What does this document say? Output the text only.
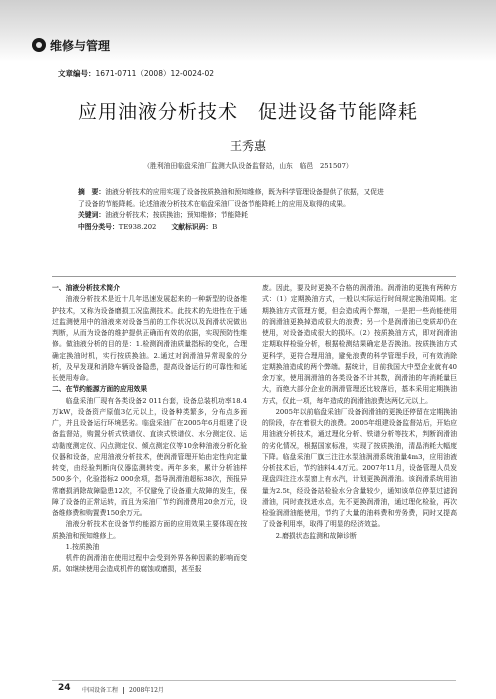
维修与管理
文章编号：1671-0711（2008）12-0024-02
应用油液分析技术　促进设备节能降耗
王秀惠
（胜利油田临盘采油厂监测大队设备监督站，山东　临邑　251507）
摘　要：油液分析技术的应用实现了设备按质换油和预知维修，既为科学管理设备提供了依据，又促进
了设备的节能降耗。论述油液分析技术在临盘采油厂设备节能降耗上的应用及取得的成果。
关键词：油液分析技术；按质换油；预知维修；节能降耗
中图分类号：TE938.202 文献标识码：B

一、油液分析技术简介

油液分析技术是近十几年迅速发展起来的一种新型的设备维护技术，又称为设备磨损工况监测技术。此技术的先进性在于通过监测使用中的油液来对设备当前的工作状况以及润滑状况做出判断，从而为设备的维护提供正确而有效的依据，实现预防性维修。做油液分析的目的是：1.检测润滑油质量指标的变化，合理确定换油时机，实行按质换油。2.通过对润滑油异常现象的分析，及早发现和消除车辆设备隐患，提高设备运行的可靠性和延长使用寿命。

二、在节约能源方面的应用效果

临盘采油厂现有各类设备2 011台套，设备总装机功率18.4万kW，设备资产原值3亿元以上，设备种类繁多，分布点多面广，并且设备运行环境恶劣。临盘采油厂在2005年6月组建了设备监督站，购置分析式铁谱仪、直读式铁谱仪、水分测定仪、运动黏度测定仪、闪点测定仪、倾点测定仪等10余种油液分析化验仪器和设备，应用油液分析技术，使润滑管理开始由定性向定量转变，由经验判断向仪器监测转变。两年多来，累计分析油样500多个，化验指标2 000余项，指导润滑油超标38次，预报异常磨损消除故障隐患12次，不仅避免了设备重大故障的发生，保障了设备的正常运转，而且为采油厂节约润滑费用20余万元，设备维修费和购置费150余万元。

油液分析技术在设备节约能源方面的应用效果主要体现在按质换油和预知维修上。

1.按质换油

机件的润滑油在使用过程中会受到外界各种因素的影响而变质。如继续使用会造成机件的腐蚀或磨损，甚至报

废。因此，要及时更换不合格的润滑油。润滑油的更换有两种方式：（1）定期换油方式，一般以实际运行时间规定换油周期。定期换油方式管理方便，但会造成两个弊端，一是把一些尚能使用的润滑油更换掉造成很大的浪费；另一个是润滑油已变质却仍在使用，对设备造成很大的损坏。（2）按质换油方式，即对润滑油定期取样检验分析，根据检测结果确定是否换油。按质换油方式更科学，更符合理用油，避免浪费的科学管理手段，可有效消除定期换油造成的两个弊端。据统计，目前我国大中型企业就有40余万家，使用润滑油的各类设备不计其数，润滑油的年消耗量巨大，而绝大部分企业的润滑管理还比较落后，基本采用定期换油方式，仅此一项，每年造成的润滑油浪费达两亿元以上。

2005年以前临盘采油厂设备润滑油的更换还停留在定期换油的阶段，存在着很大的浪费。2005年组建设备监督站后，开始应用油液分析技术，通过理化分析、铁谱分析等技术，判断润滑油的劣化情况，根据国家标准，实现了按质换油，清晶消耗大幅度下降。临盘采油厂旗三注注水泵油润滑系统油量4m3，应用油液分析技术后，节约油料4.4万元。2007年11月，设备管理人员发现盘四注注水泵窗上有水汽，计划更换润滑油。该润滑系统用油量为2.5t，经设备站检验水分含量较少，通知该单位停泵过滤润滑油，同时查找进水点，先不更换润滑油，通过理化检验，再次检验润滑油能使用，节约了大量的油料费和劳务费，同时又提高了设备利用率，取得了明显的经济效益。

2.磨损状态监测和故障诊断

24 中国设备工程 2008年12月
